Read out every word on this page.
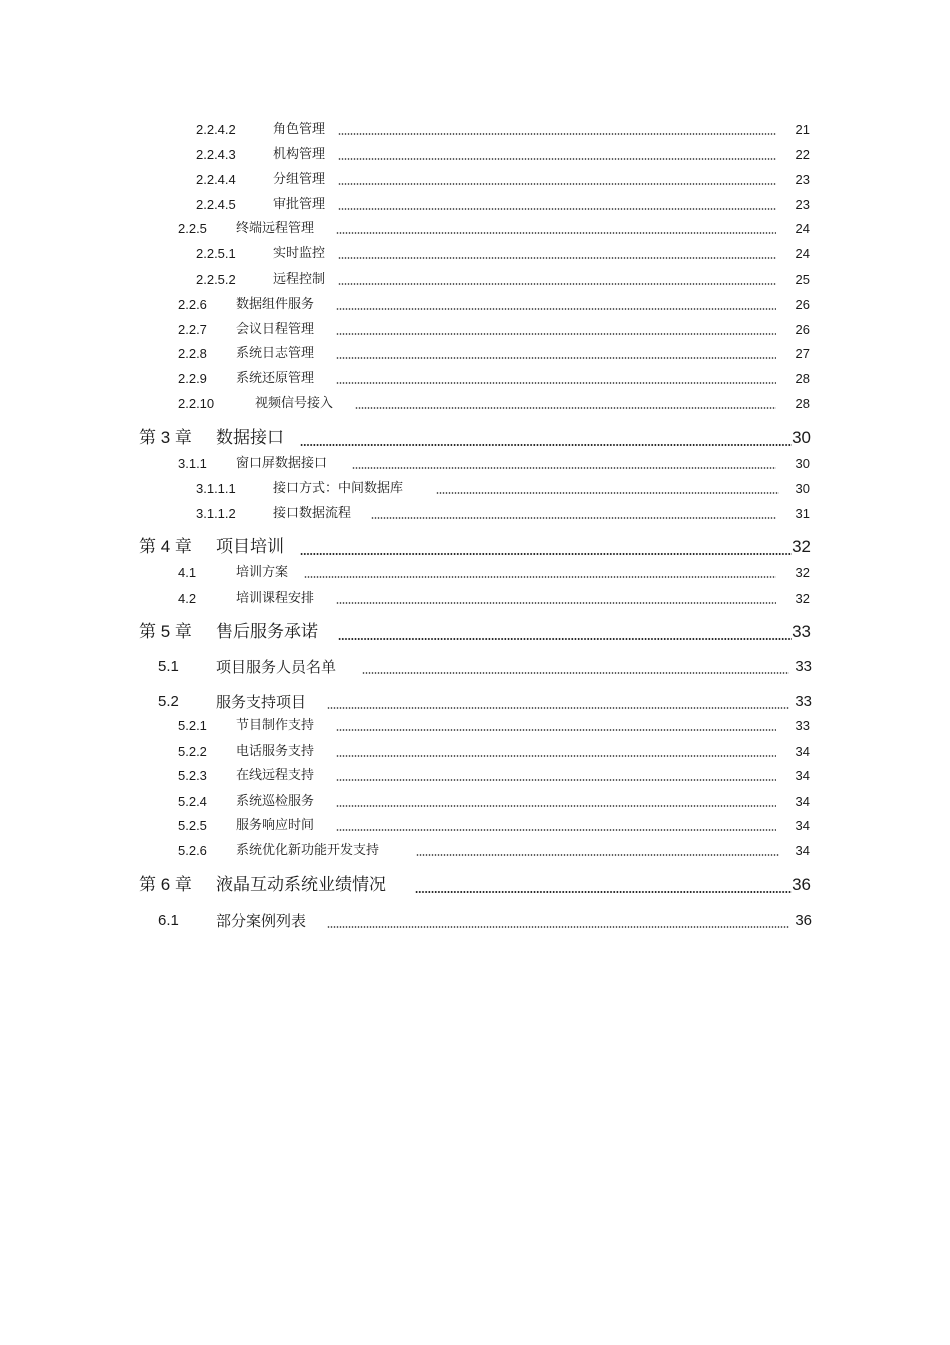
2.2.4.2	角色管理	21
2.2.4.3	机构管理	22
2.2.4.4	分组管理	23
2.2.4.5	审批管理	23
2.2.5 终端远程管理	24
2.2.5.1	实时监控	24
2.2.5.2	远程控制	25
2.2.6 数据组件服务	26
2.2.7 会议日程管理	26
2.2.8 系统日志管理	27
2.2.9 系统还原管理	28
2.2.10	视频信号接入	28
第 3 章 数据接口	30
3.1.1 窗口屏数据接口	30
3.1.1.1	接口方式：中间数据库	30
3.1.1.2	接口数据流程	31
第 4 章 项目培训	32
4.1	培训方案	32
4.2	培训课程安排	32
第 5 章 售后服务承诺	33
5.1 项目服务人员名单	33
5.2 服务支持项目	33
5.2.1 节目制作支持	33
5.2.2 电话服务支持	34
5.2.3 在线远程支持	34
5.2.4 系统巡检服务	34
5.2.5 服务响应时间	34
5.2.6 系统优化新功能开发支持	34
第 6 章 液晶互动系统业绩情况	36
6.1 部分案例列表	36
